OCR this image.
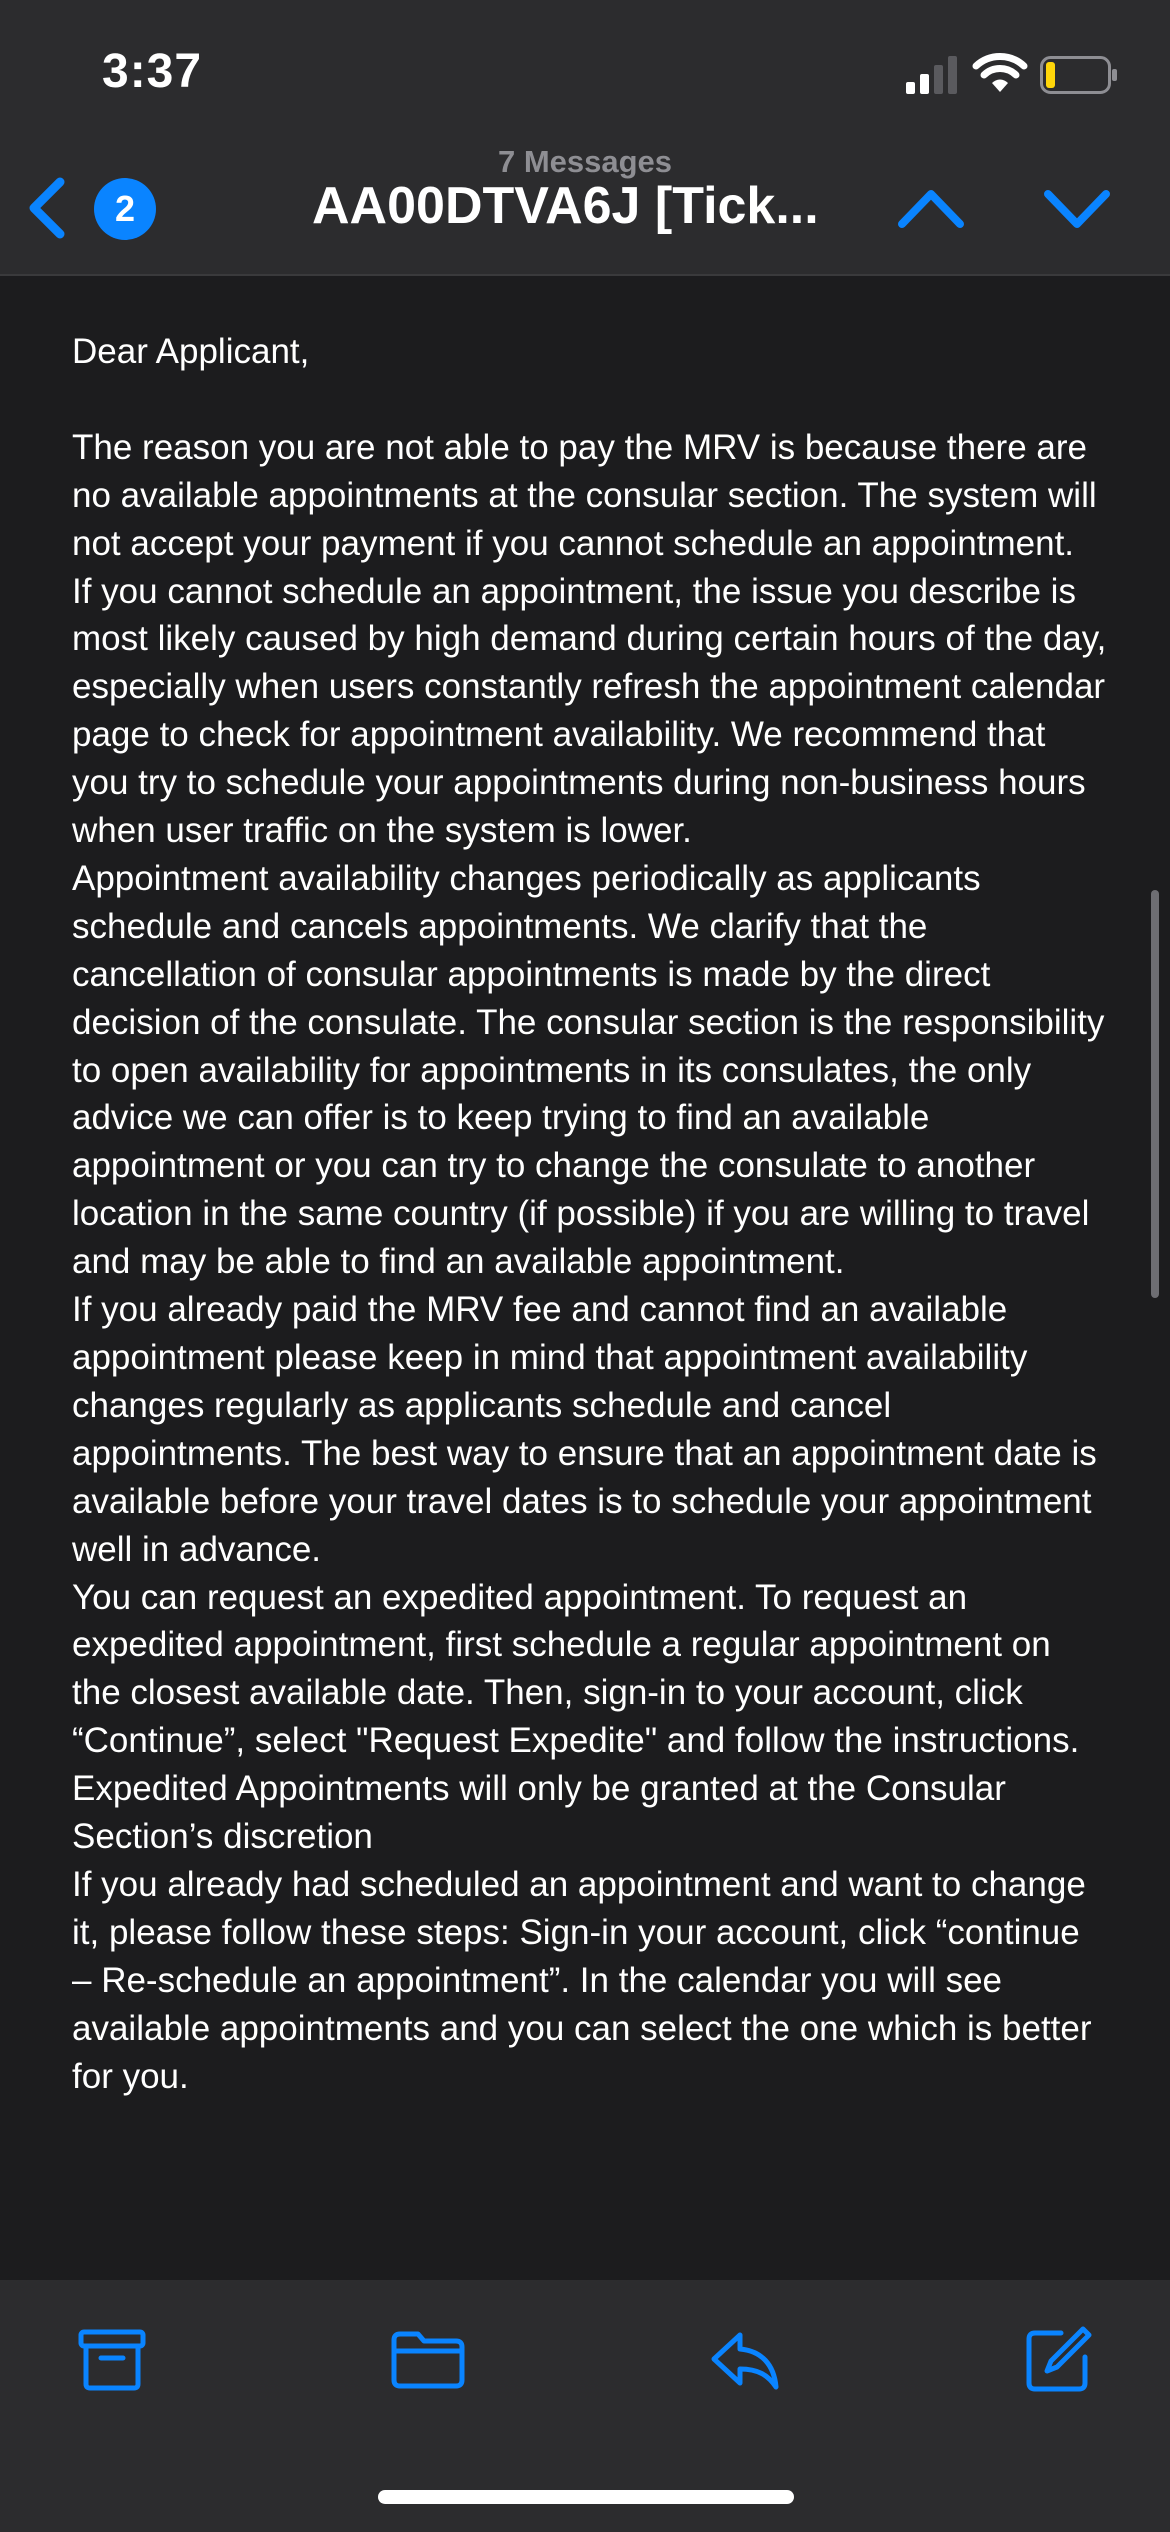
3:37
2
7 Messages
AA00DTVA6J [Tick...

Dear Applicant,

The reason you are not able to pay the MRV is because there are no available appointments at the consular section. The system will not accept your payment if you cannot schedule an appointment.

If you cannot schedule an appointment, the issue you describe is most likely caused by high demand during certain hours of the day, especially when users constantly refresh the appointment calendar page to check for appointment availability. We recommend that you try to schedule your appointments during non-business hours when user traffic on the system is lower.

Appointment availability changes periodically as applicants schedule and cancels appointments. We clarify that the cancellation of consular appointments is made by the direct decision of the consulate. The consular section is the responsibility to open availability for appointments in its consulates, the only advice we can offer is to keep trying to find an available appointment or you can try to change the consulate to another location in the same country (if possible) if you are willing to travel and may be able to find an available appointment.

If you already paid the MRV fee and cannot find an available appointment please keep in mind that appointment availability changes regularly as applicants schedule and cancel appointments. The best way to ensure that an appointment date is available before your travel dates is to schedule your appointment well in advance.

You can request an expedited appointment. To request an expedited appointment, first schedule a regular appointment on the closest available date. Then, sign-in to your account, click “Continue”, select "Request Expedite" and follow the instructions. Expedited Appointments will only be granted at the Consular Section’s discretion

If you already had scheduled an appointment and want to change it, please follow these steps: Sign-in your account, click “continue – Re-schedule an appointment”. In the calendar you will see available appointments and you can select the one which is better for you.
